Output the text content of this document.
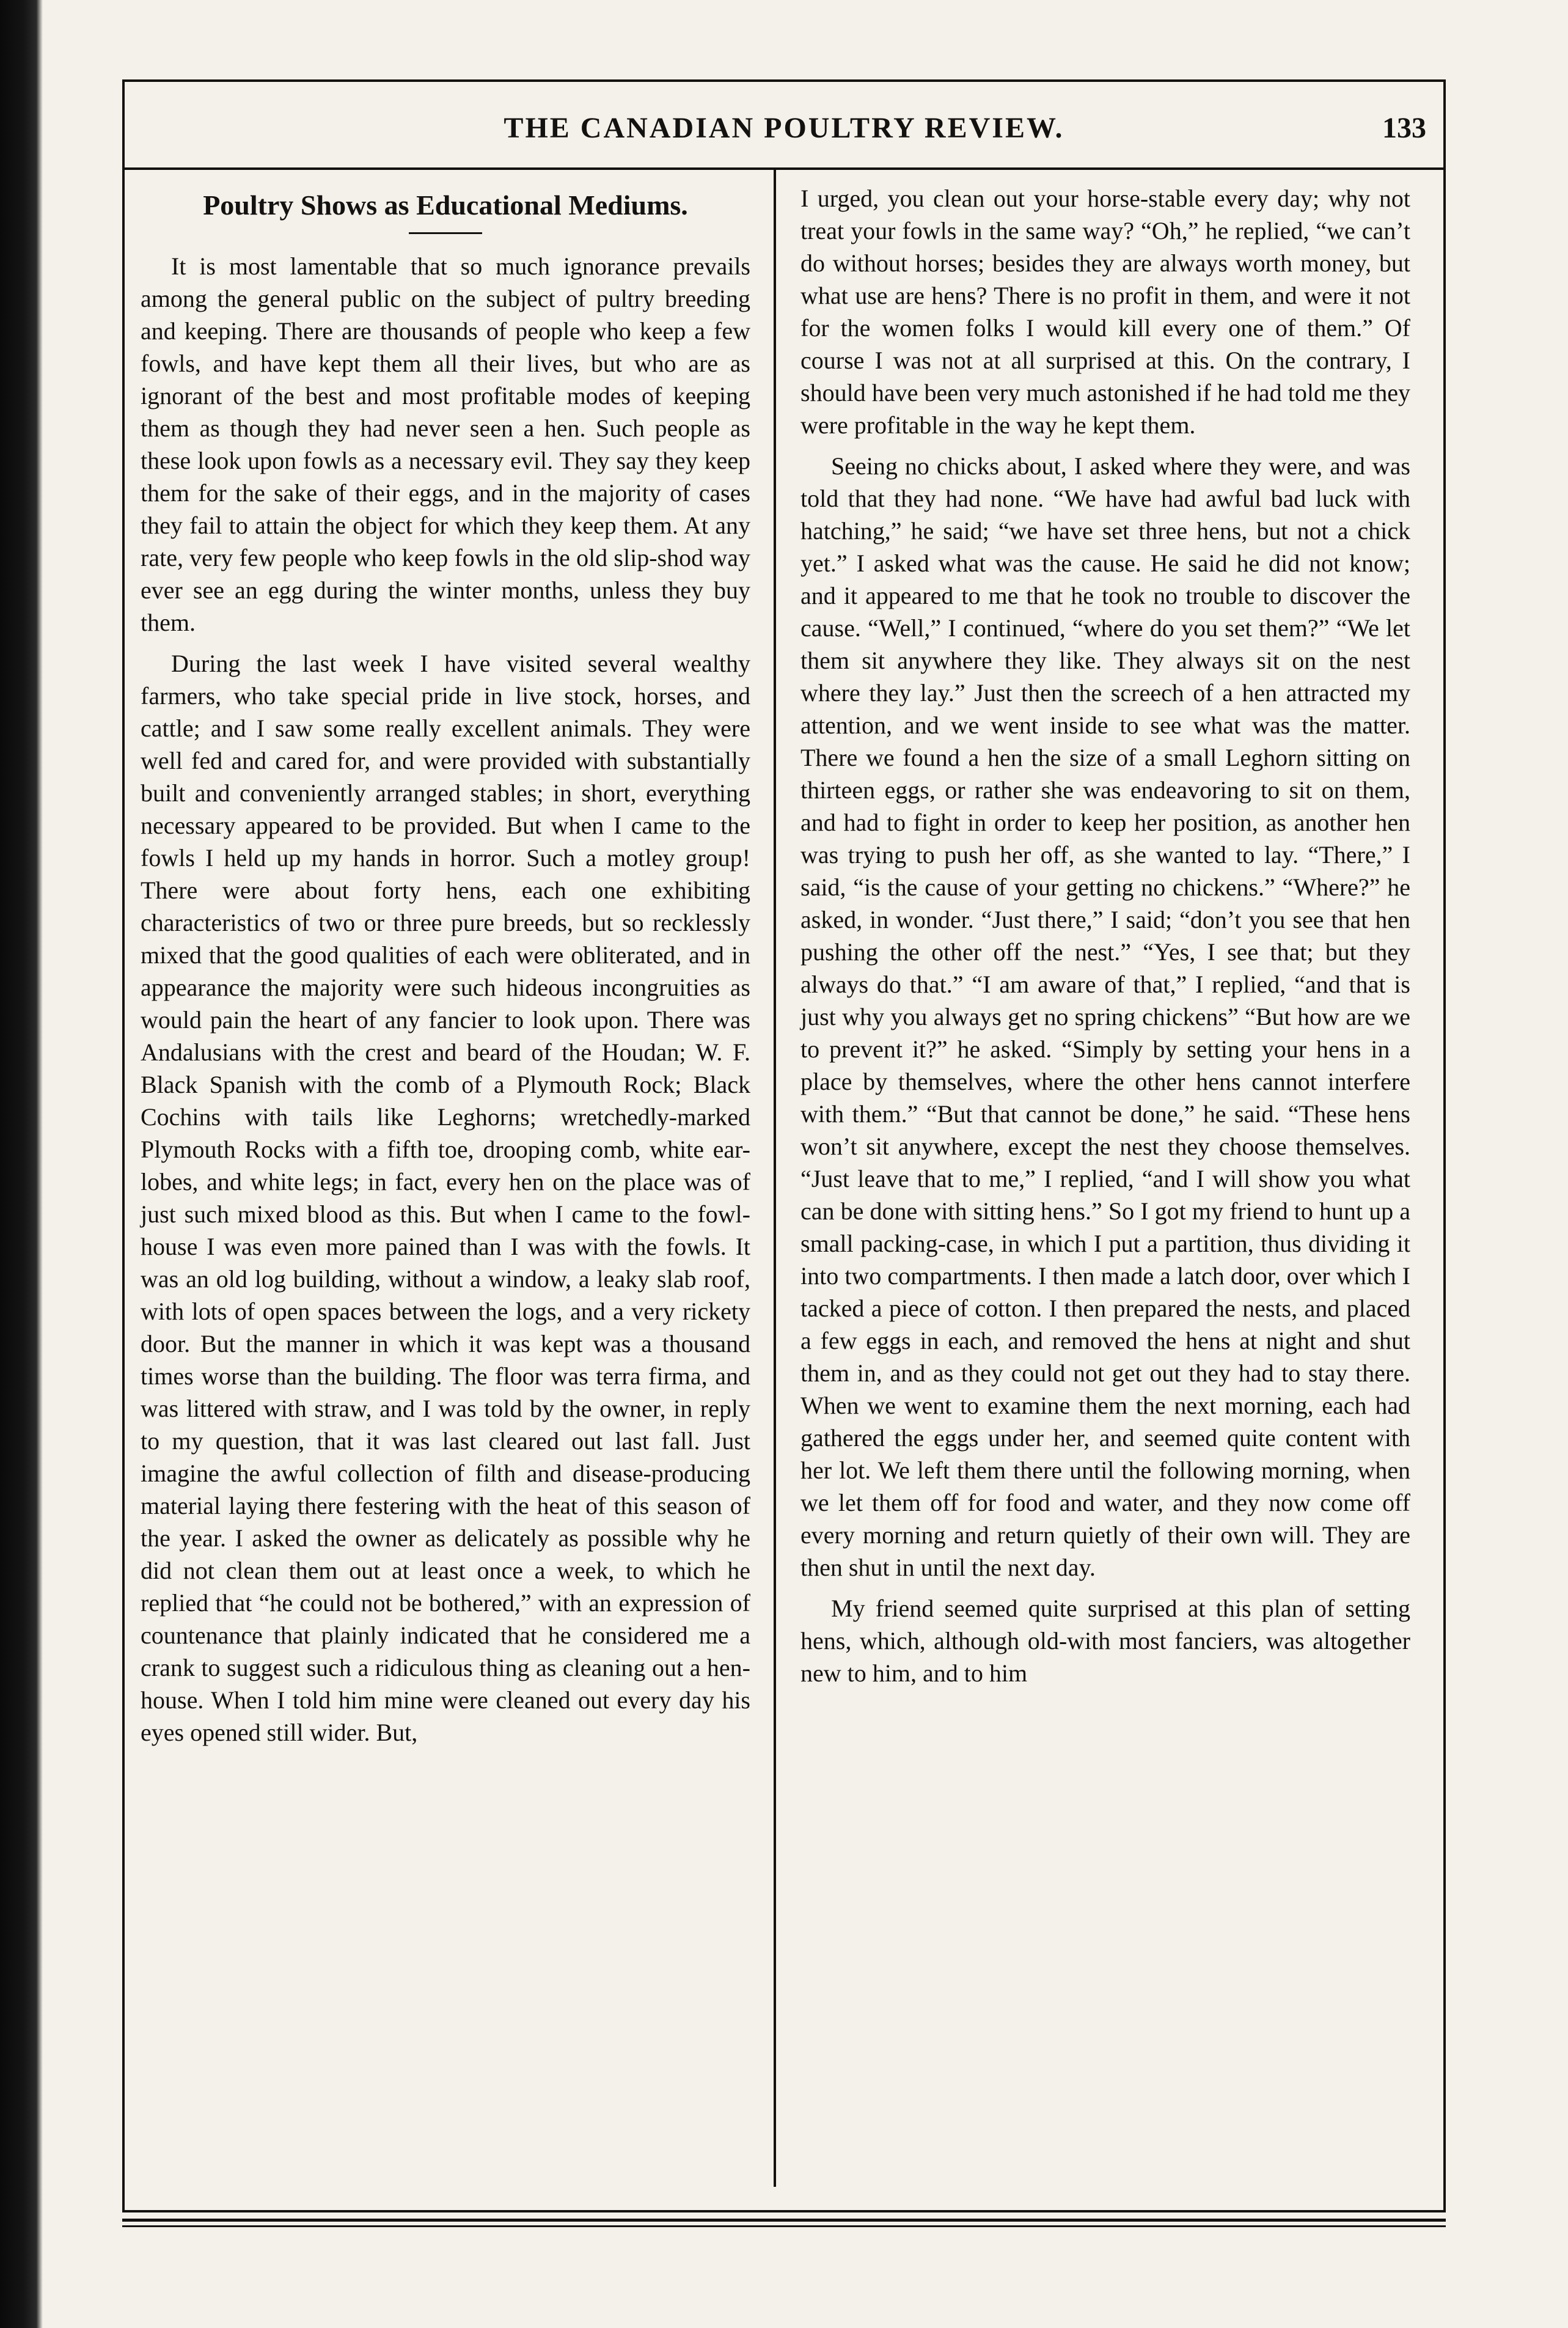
THE CANADIAN POULTRY REVIEW.	133
Poultry Shows as Educational Mediums.

It is most lamentable that so much ignorance prevails among the general public on the subject of pultry breeding and keeping. There are thousands of people who keep a few fowls, and have kept them all their lives, but who are as ignorant of the best and most profitable modes of keeping them as though they had never seen a hen. Such people as these look upon fowls as a necessary evil. They say they keep them for the sake of their eggs, and in the majority of cases they fail to attain the object for which they keep them. At any rate, very few people who keep fowls in the old slip-shod way ever see an egg during the winter months, unless they buy them.

During the last week I have visited several wealthy farmers, who take special pride in live stock, horses, and cattle; and I saw some really excellent animals. They were well fed and cared for, and were provided with substantially built and conveniently arranged stables; in short, everything necessary appeared to be provided. But when I came to the fowls I held up my hands in horror. Such a motley group! There were about forty hens, each one exhibiting characteristics of two or three pure breeds, but so recklessly mixed that the good qualities of each were obliterated, and in appearance the majority were such hideous incongruities as would pain the heart of any fancier to look upon. There was Andalusians with the crest and beard of the Houdan; W. F. Black Spanish with the comb of a Plymouth Rock; Black Cochins with tails like Leghorns; wretchedly-marked Plymouth Rocks with a fifth toe, drooping comb, white ear-lobes, and white legs; in fact, every hen on the place was of just such mixed blood as this. But when I came to the fowl-house I was even more pained than I was with the fowls. It was an old log building, without a window, a leaky slab roof, with lots of open spaces between the logs, and a very rickety door. But the manner in which it was kept was a thousand times worse than the building. The floor was terra firma, and was littered with straw, and I was told by the owner, in reply to my question, that it was last cleared out last fall. Just imagine the awful collection of filth and disease-producing material laying there festering with the heat of this season of the year. I asked the owner as delicately as possible why he did not clean them out at least once a week, to which he replied that “he could not be bothered,” with an expression of countenance that plainly indicated that he considered me a crank to suggest such a ridiculous thing as cleaning out a hen-house. When I told him mine were cleaned out every day his eyes opened still wider. But,

I urged, you clean out your horse-stable every day; why not treat your fowls in the same way? “Oh,” he replied, “we can’t do without horses; besides they are always worth money, but what use are hens? There is no profit in them, and were it not for the women folks I would kill every one of them.” Of course I was not at all surprised at this. On the contrary, I should have been very much astonished if he had told me they were profitable in the way he kept them.

Seeing no chicks about, I asked where they were, and was told that they had none. “We have had awful bad luck with hatching,” he said; “we have set three hens, but not a chick yet.” I asked what was the cause. He said he did not know; and it appeared to me that he took no trouble to discover the cause. “Well,” I continued, “where do you set them?” “We let them sit anywhere they like. They always sit on the nest where they lay.” Just then the screech of a hen attracted my attention, and we went inside to see what was the matter. There we found a hen the size of a small Leghorn sitting on thirteen eggs, or rather she was endeavoring to sit on them, and had to fight in order to keep her position, as another hen was trying to push her off, as she wanted to lay. “There,” I said, “is the cause of your getting no chickens.” “Where?” he asked, in wonder. “Just there,” I said; “don’t you see that hen pushing the other off the nest.” “Yes, I see that; but they always do that.” “I am aware of that,” I replied, “and that is just why you always get no spring chickens” “But how are we to prevent it?” he asked. “Simply by setting your hens in a place by themselves, where the other hens cannot interfere with them.” “But that cannot be done,” he said. “These hens won’t sit anywhere, except the nest they choose themselves. “Just leave that to me,” I replied, “and I will show you what can be done with sitting hens.” So I got my friend to hunt up a small packing-case, in which I put a partition, thus dividing it into two compartments. I then made a latch door, over which I tacked a piece of cotton. I then prepared the nests, and placed a few eggs in each, and removed the hens at night and shut them in, and as they could not get out they had to stay there. When we went to examine them the next morning, each had gathered the eggs under her, and seemed quite content with her lot. We left them there until the following morning, when we let them off for food and water, and they now come off every morning and return quietly of their own will. They are then shut in until the next day.

My friend seemed quite surprised at this plan of setting hens, which, although old-with most fanciers, was altogether new to him, and to him
